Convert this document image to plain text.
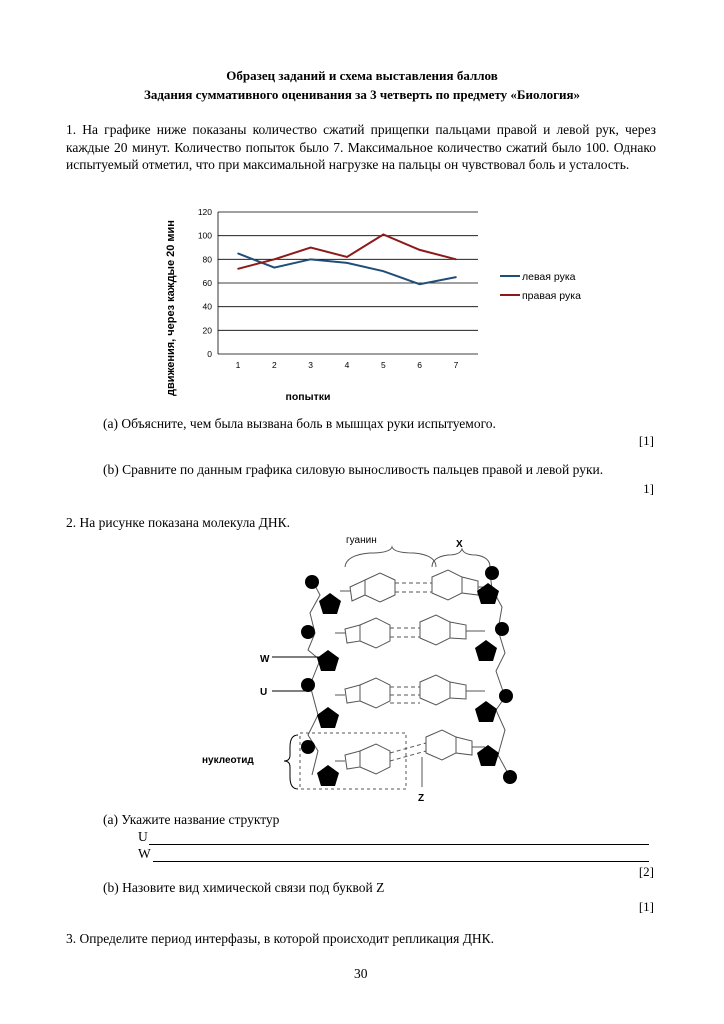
Образец заданий и схема выставления баллов
Задания суммативного оценивания за 3 четверть по предмету «Биология»
1. На графике ниже показаны количество сжатий прищепки пальцами правой и левой рук, через каждые 20 минут. Количество попыток было 7. Максимальное количество сжатий было 100. Однако испытуемый отметил, что при максимальной нагрузке на пальцы он чувствовал боль и усталость.
0
20
40
60
80
100
120
1	2	3	4	5	6	7
левая рука
правая рука
движения, через каждые 20 мин
попытки
(a) Объясните, чем была вызвана боль в мышцах руки испытуемого.
[1]
(b) Сравните по данным графика силовую выносливость пальцев правой и левой руки.
1]
2. На рисунке показана молекула ДНК.
гуанин	X
W
U
нуклеотид
Z
(a) Укажите название структур
U
W
[2]
(b) Назовите вид химической связи под буквой Z
[1]
3. Определите период интерфазы, в которой происходит репликация ДНК.
30
